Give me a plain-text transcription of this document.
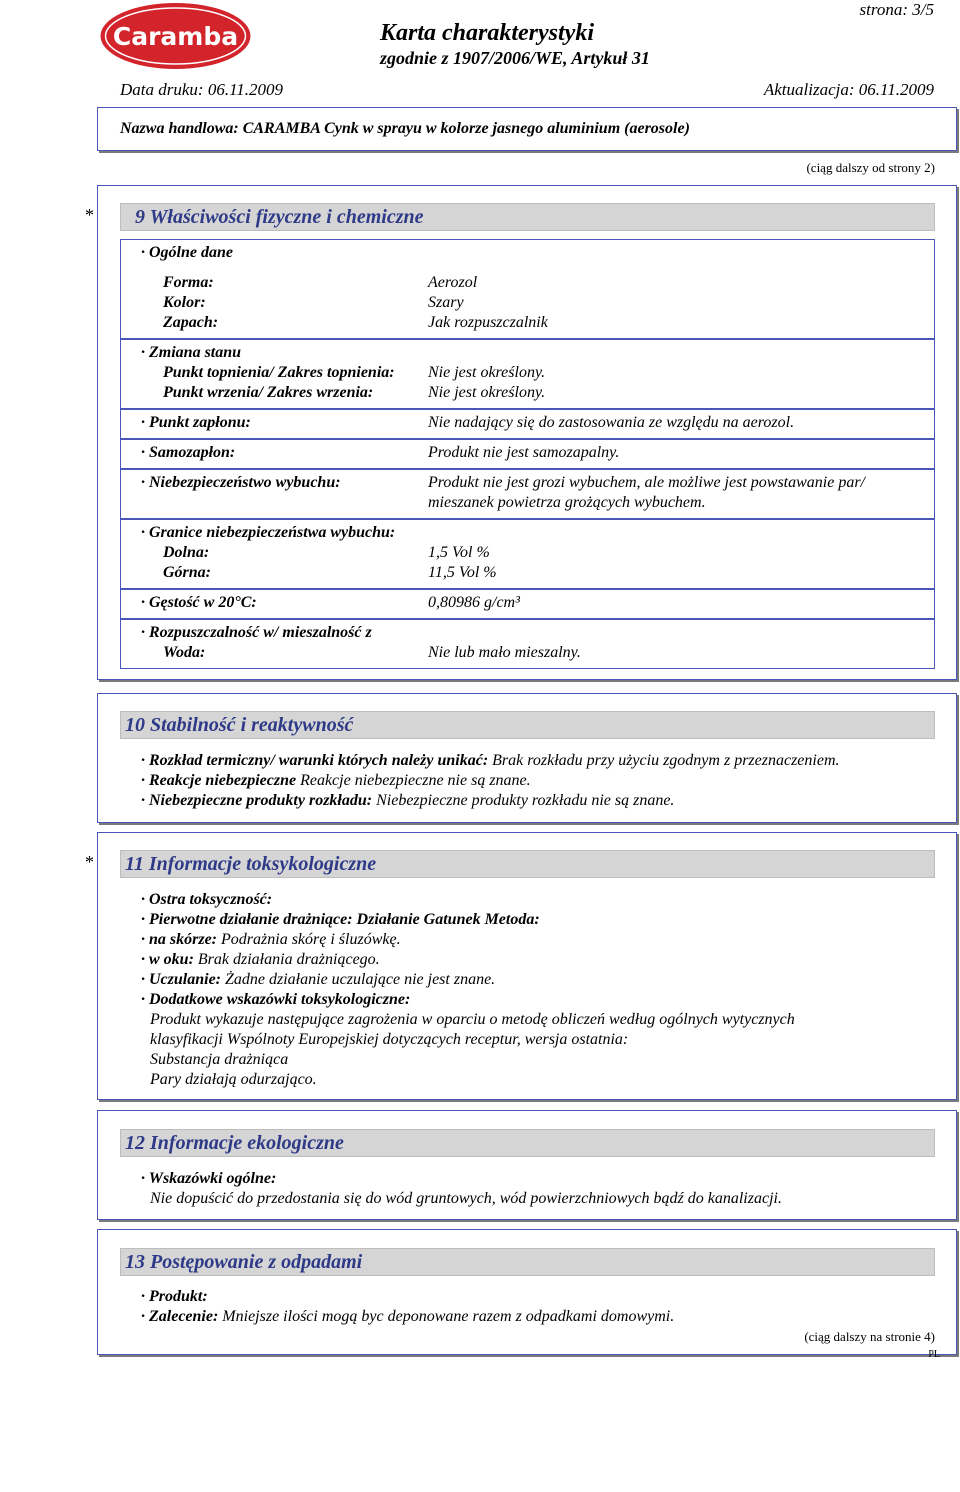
Caramba	Karta charakterystyki
zgodnie z 1907/2006/WE, Artykuł 31
strona: 3/5
Data druku: 06.11.2009	Aktualizacja: 06.11.2009
Nazwa handlowa: CARAMBA Cynk w sprayu w kolorze jasnego aluminium (aerosole)
(ciąg dalszy od strony 2)
*	9 Właściwości fizyczne i chemiczne
· Ogólne dane
Forma:	Aerozol
Kolor:	Szary
Zapach:	Jak rozpuszczalnik
· Zmiana stanu
Punkt topnienia/ Zakres topnienia: Nie jest określony.
Punkt wrzenia/ Zakres wrzenia:	Nie jest określony.
· Punkt zapłonu:	Nie nadający się do zastosowania ze względu na aerozol.
· Samozapłon:	Produkt nie jest samozapalny.
· Niebezpieczeństwo wybuchu:	Produkt nie jest grozi wybuchem, ale możliwe jest powstawanie par/
mieszanek powietrza grożących wybuchem.
· Granice niebezpieczeństwa wybuchu:
Dolna:	1,5 Vol %
Górna:	11,5 Vol %
· Gęstość w 20°C:	0,80986 g/cm³
· Rozpuszczalność w/ mieszalność z
Woda:	Nie lub mało mieszalny.
10 Stabilność i reaktywność
· Rozkład termiczny/ warunki których należy unikać: Brak rozkładu przy użyciu zgodnym z przeznaczeniem.
· Reakcje niebezpieczne Reakcje niebezpieczne nie są znane.
· Niebezpieczne produkty rozkładu: Niebezpieczne produkty rozkładu nie są znane.
* 11 Informacje toksykologiczne
· Ostra toksyczność:
· Pierwotne działanie drażniące: Działanie Gatunek Metoda:
· na skórze: Podrażnia skórę i śluzówkę.
· w oku: Brak działania drażniącego.
· Uczulanie: Żadne działanie uczulające nie jest znane.
· Dodatkowe wskazówki toksykologiczne:
Produkt wykazuje następujące zagrożenia w oparciu o metodę obliczeń według ogólnych wytycznych
klasyfikacji Wspólnoty Europejskiej dotyczących receptur, wersja ostatnia:
Substancja drażniąca
Pary działają odurzająco.
12 Informacje ekologiczne
· Wskazówki ogólne:
Nie dopuścić do przedostania się do wód gruntowych, wód powierzchniowych bądź do kanalizacji.
13 Postępowanie z odpadami
· Produkt:
· Zalecenie: Mniejsze ilości mogą byc deponowane razem z odpadkami domowymi.
(ciąg dalszy na stronie 4)
PL
